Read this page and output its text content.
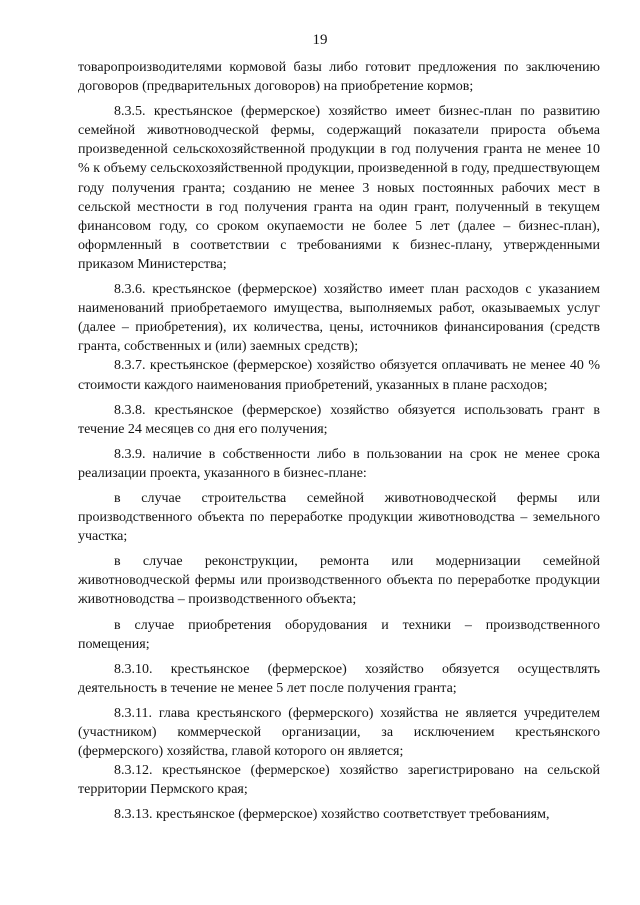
19

товаропроизводителями кормовой базы либо готовит предложения по заключению договоров (предварительных договоров) на приобретение кормов;

8.3.5. крестьянское (фермерское) хозяйство имеет бизнес-план по развитию семейной животноводческой фермы, содержащий показатели прироста объема произведенной сельскохозяйственной продукции в год получения гранта не менее 10 % к объему сельскохозяйственной продукции, произведенной в году, предшествующем году получения гранта; созданию не менее 3 новых постоянных рабочих мест в сельской местности в год получения гранта на один грант, полученный в текущем финансовом году, со сроком окупаемости не более 5 лет (далее – бизнес-план), оформленный в соответствии с требованиями к бизнес-плану, утвержденными приказом Министерства;

8.3.6. крестьянское (фермерское) хозяйство имеет план расходов с указанием наименований приобретаемого имущества, выполняемых работ, оказываемых услуг (далее – приобретения), их количества, цены, источников финансирования (средств гранта, собственных и (или) заемных средств);

8.3.7. крестьянское (фермерское) хозяйство обязуется оплачивать не менее 40 % стоимости каждого наименования приобретений, указанных в плане расходов;

8.3.8. крестьянское (фермерское) хозяйство обязуется использовать грант в течение 24 месяцев со дня его получения;

8.3.9. наличие в собственности либо в пользовании на срок не менее срока реализации проекта, указанного в бизнес-плане:

в случае строительства семейной животноводческой фермы или производственного объекта по переработке продукции животноводства – земельного участка;

в случае реконструкции, ремонта или модернизации семейной животноводческой фермы или производственного объекта по переработке продукции животноводства – производственного объекта;

в случае приобретения оборудования и техники – производственного помещения;

8.3.10. крестьянское (фермерское) хозяйство обязуется осуществлять деятельность в течение не менее 5 лет после получения гранта;

8.3.11. глава крестьянского (фермерского) хозяйства не является учредителем (участником) коммерческой организации, за исключением крестьянского (фермерского) хозяйства, главой которого он является;

8.3.12. крестьянское (фермерское) хозяйство зарегистрировано на сельской территории Пермского края;

8.3.13. крестьянское (фермерское) хозяйство соответствует требованиям,
